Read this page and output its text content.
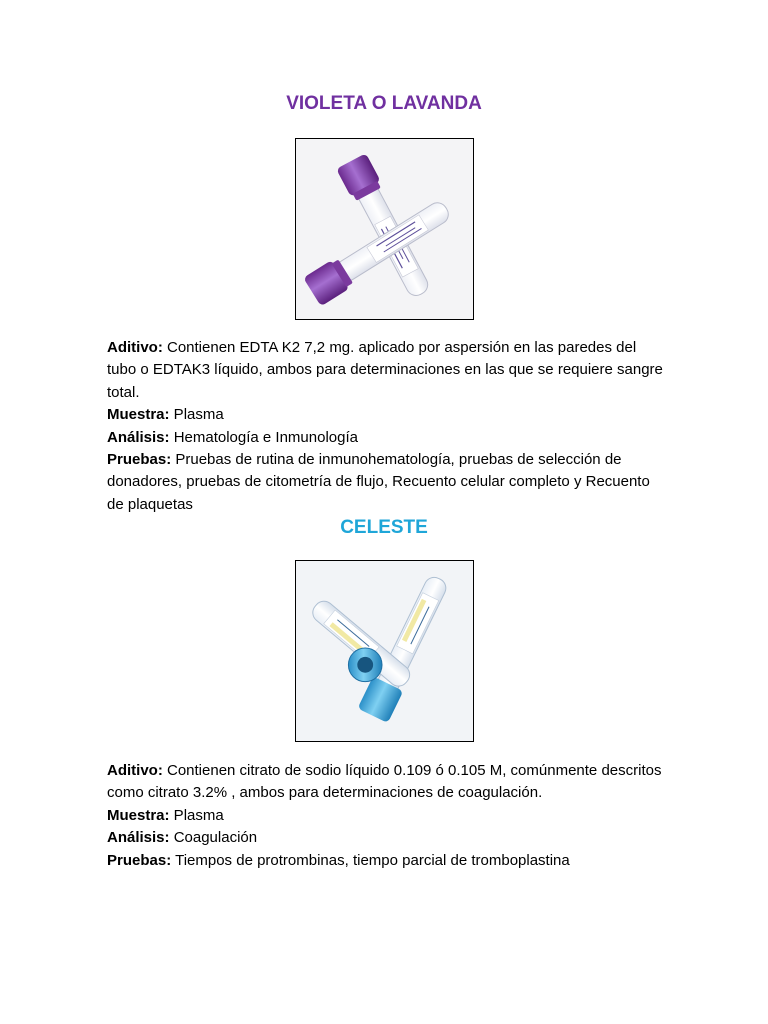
VIOLETA O LAVANDA

Aditivo: Contienen EDTA K2 7,2 mg. aplicado por aspersión en las paredes del tubo o EDTAK3 líquido, ambos para determinaciones en las que se requiere sangre total.

Muestra: Plasma

Análisis: Hematología e Inmunología

Pruebas: Pruebas de rutina de inmunohematología, pruebas de selección de donadores, pruebas de citometría de flujo, Recuento celular completo y Recuento de plaquetas

CELESTE

Aditivo: Contienen citrato de sodio líquido 0.109 ó 0.105 M, comúnmente descritos como citrato 3.2% , ambos para determinaciones de coagulación.

Muestra: Plasma

Análisis: Coagulación

Pruebas: Tiempos de protrombinas, tiempo parcial de tromboplastina
